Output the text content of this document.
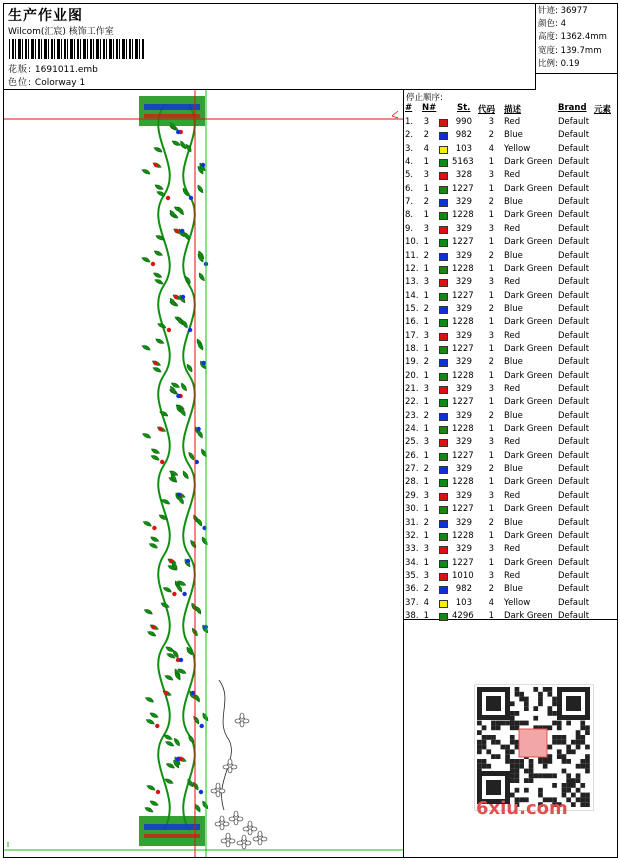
生产作业图
Wilcom(汇宸) 核饰工作室
花版: 1691011.emb
色位: Colorway 1
针迹: 36977
颜色: 4
高度: 1362.4mm
宽度: 139.7mm
比例: 0.19
停止顺序:
# N# St. 代码 描述	Brand 元素
1.	3	990	3 Red	Default
2.	2	982	2 Blue	Default
3.	4	103	4 Yellow	Default
4.	1	5163	1 Dark Green Default
5.	3	328	3 Red	Default
6.	1	1227	1 Dark Green Default
7.	2	329	2 Blue	Default
8.	1	1228	1 Dark Green Default
9.	3	329	3 Red	Default
10. 1	1227	1 Dark Green Default
11. 2	329	2 Blue	Default
12. 1	1228	1 Dark Green Default
13. 3	329	3 Red	Default
14. 1	1227	1 Dark Green Default
15. 2	329	2 Blue	Default
16. 1	1228	1 Dark Green Default
17. 3	329	3 Red	Default
18. 1	1227	1 Dark Green Default
19. 2	329	2 Blue	Default
20. 1	1228	1 Dark Green Default
21. 3	329	3 Red	Default
22. 1	1227	1 Dark Green Default
23. 2	329	2 Blue	Default
24. 1	1228	1 Dark Green Default
25. 3	329	3 Red	Default
26. 1	1227	1 Dark Green Default
27. 2	329	2 Blue	Default
28. 1	1228	1 Dark Green Default
29. 3	329	3 Red	Default
30. 1	1227	1 Dark Green Default
31. 2	329	2 Blue	Default
32. 1	1228	1 Dark Green Default
33. 3	329	3 Red	Default
34. 1	1227	1 Dark Green Default
35. 3	1010	3 Red	Default
36. 2	982	2 Blue	Default
37. 4	103	4 Yellow	Default
38. 1	4296	1 Dark Green Default
6xiu.com
